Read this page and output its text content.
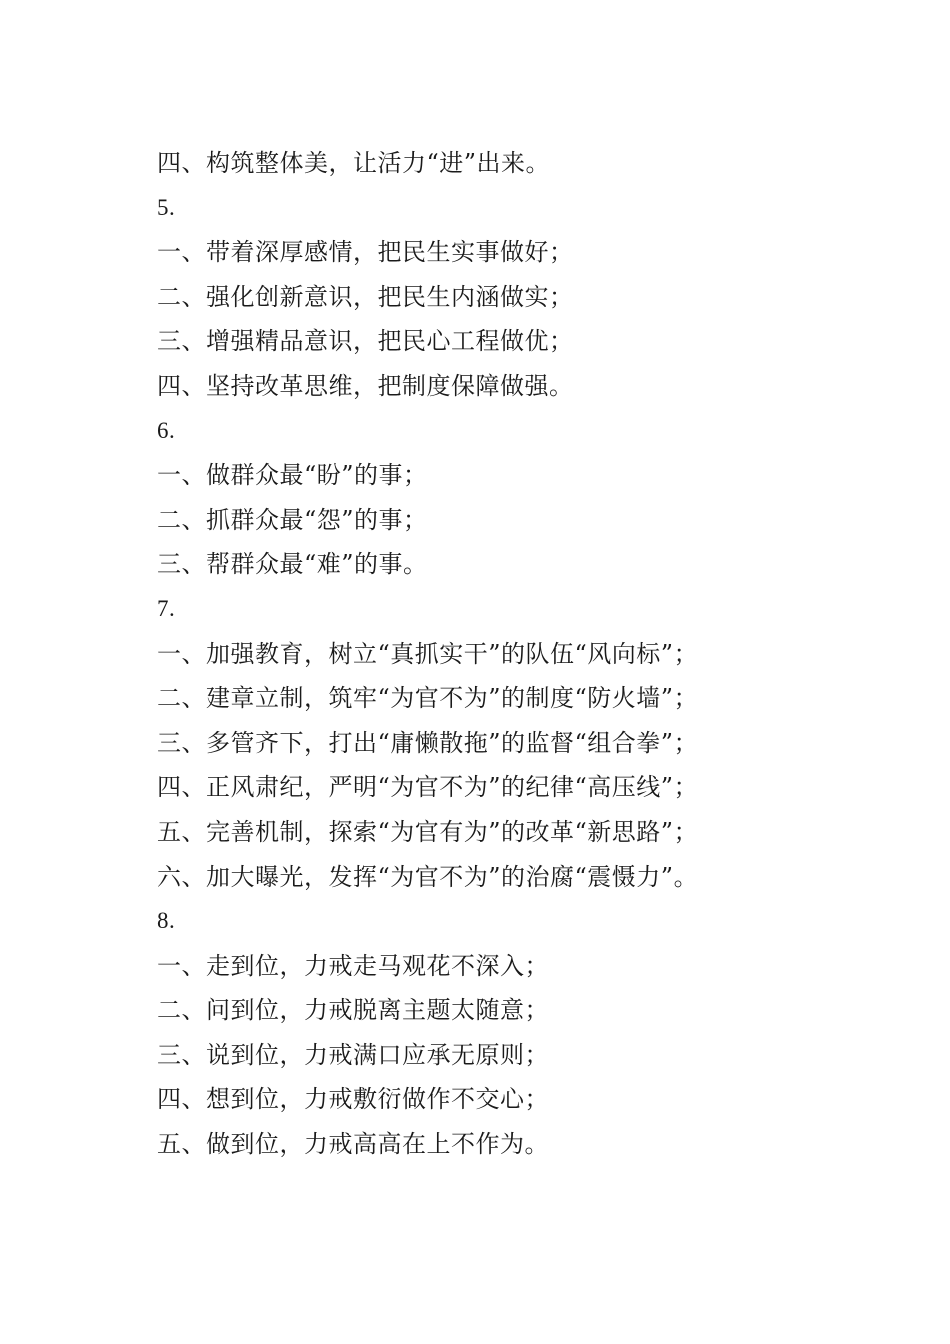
四、构筑整体美，让活力“进”出来。
5.
一、带着深厚感情，把民生实事做好；
二、强化创新意识，把民生内涵做实；
三、增强精品意识，把民心工程做优；
四、坚持改革思维，把制度保障做强。
6.
一、做群众最“盼”的事；
二、抓群众最“怨”的事；
三、帮群众最“难”的事。
7.
一、加强教育，树立“真抓实干”的队伍“风向标”；
二、建章立制，筑牢“为官不为”的制度“防火墙”；
三、多管齐下，打出“庸懒散拖”的监督“组合拳”；
四、正风肃纪，严明“为官不为”的纪律“高压线”；
五、完善机制，探索“为官有为”的改革“新思路”；
六、加大曝光，发挥“为官不为”的治腐“震慑力”。
8.
一、走到位，力戒走马观花不深入；
二、问到位，力戒脱离主题太随意；
三、说到位，力戒满口应承无原则；
四、想到位，力戒敷衍做作不交心；
五、做到位，力戒高高在上不作为。
